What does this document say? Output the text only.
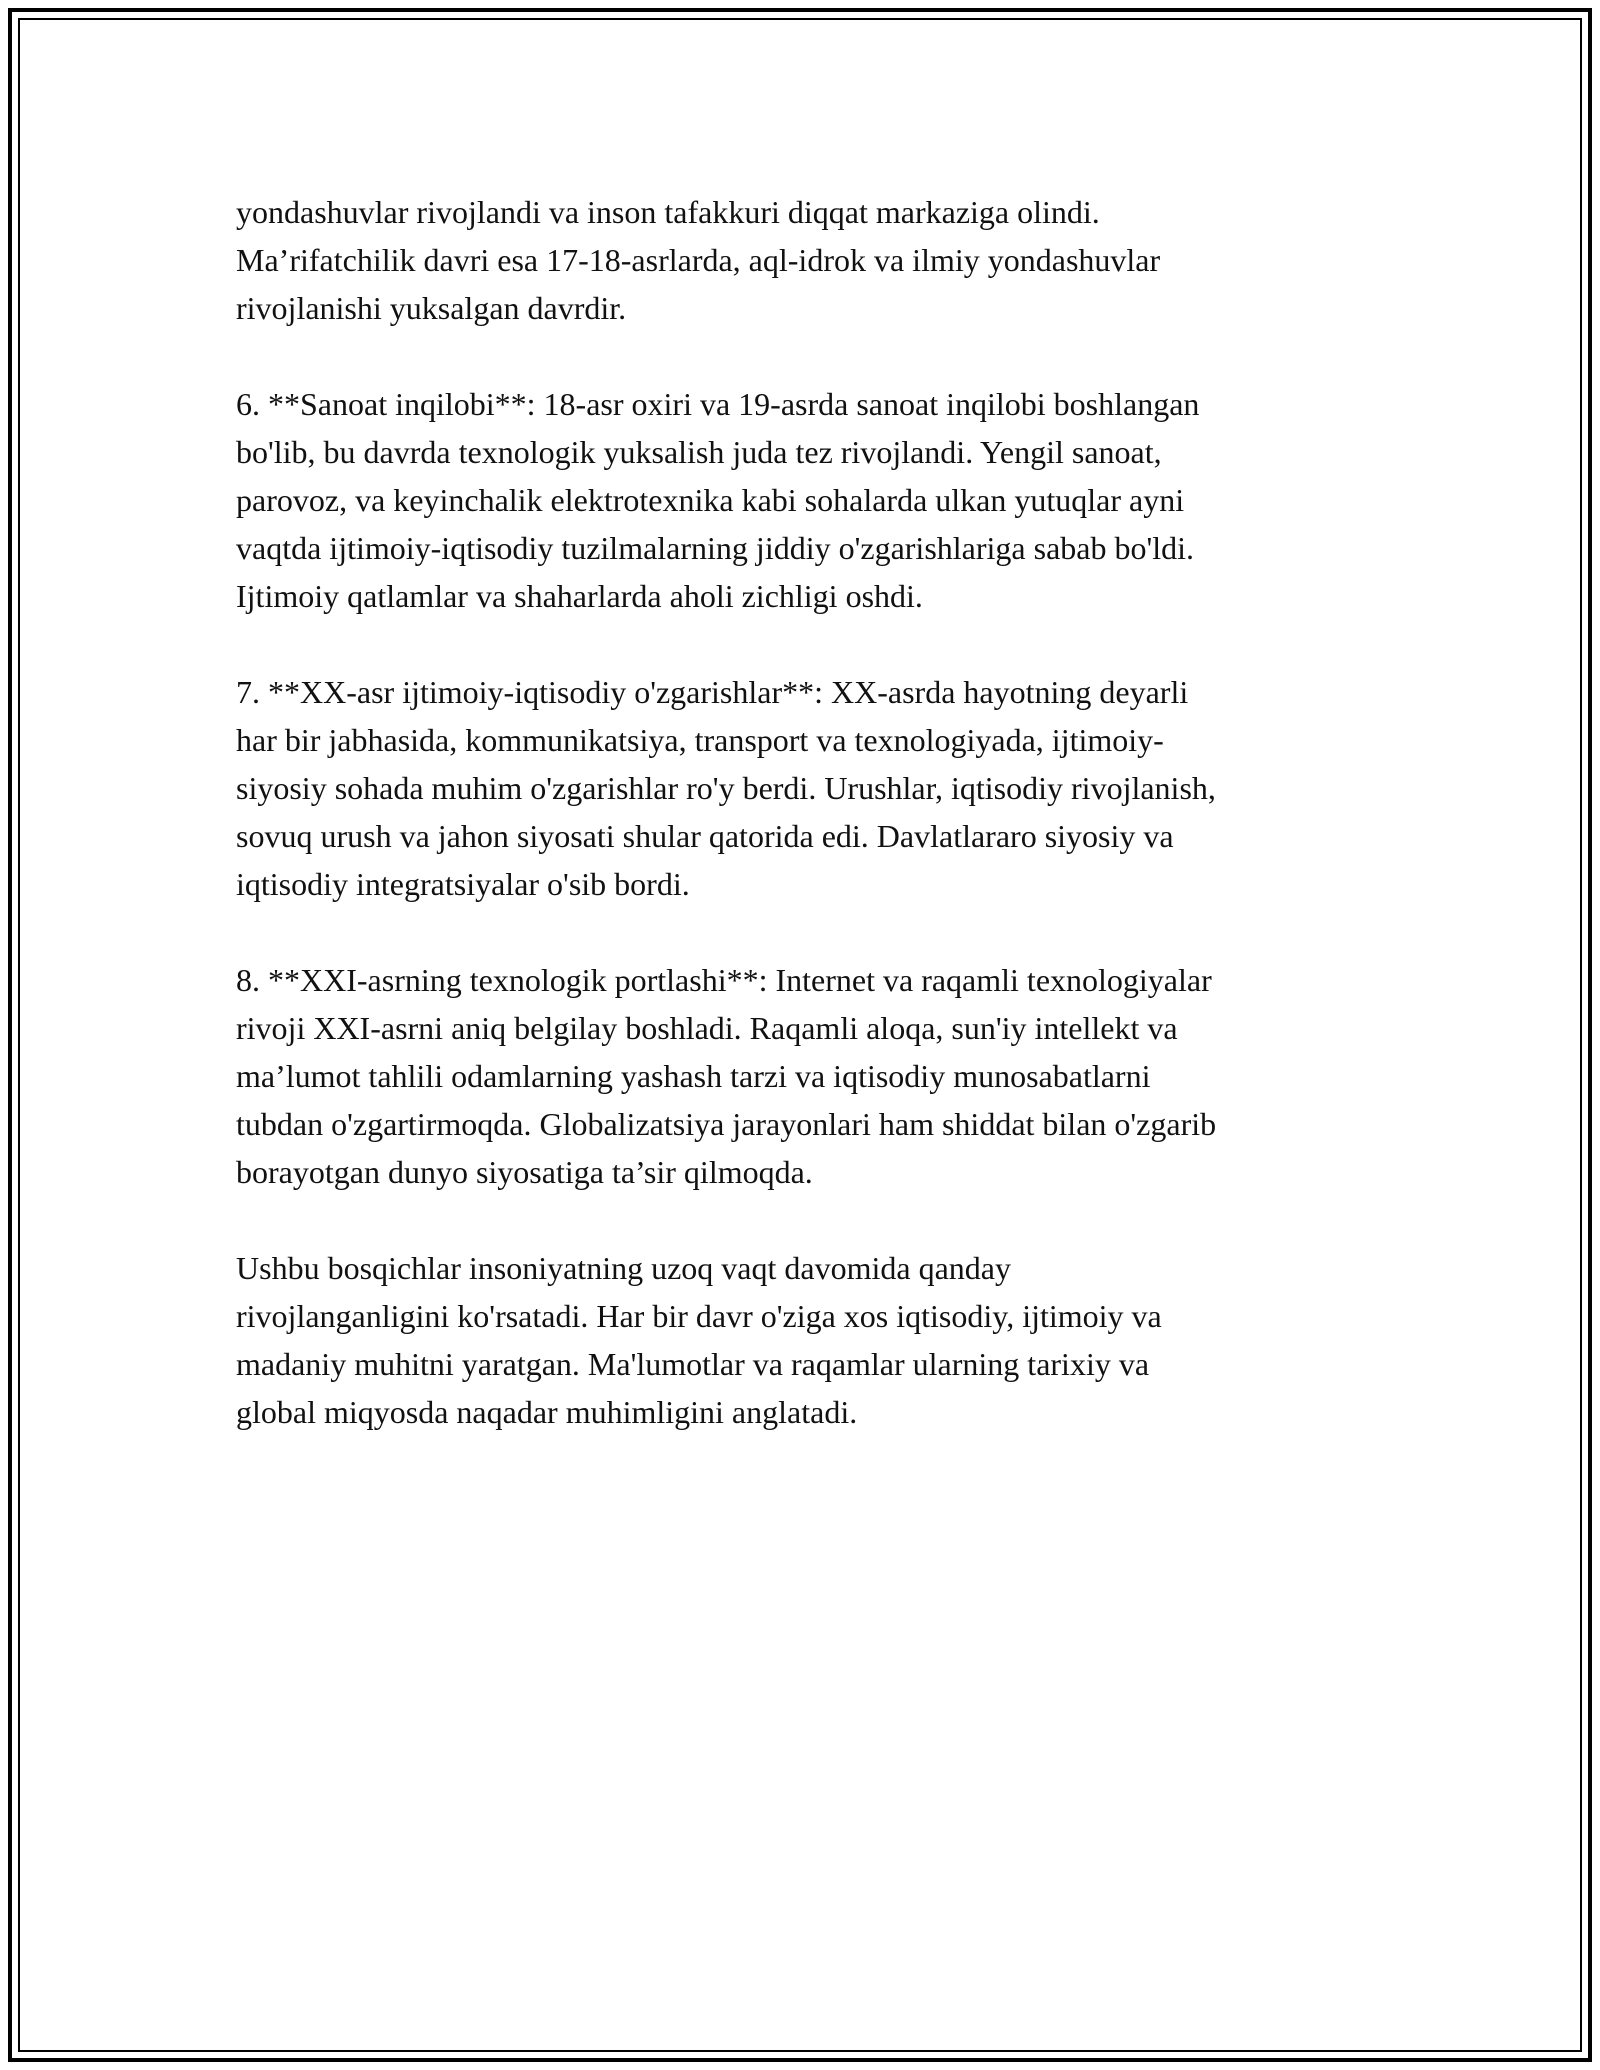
yondashuvlar rivojlandi va inson tafakkuri diqqat markaziga olindi.
Ma’rifatchilik davri esa 17-18-asrlarda, aql-idrok va ilmiy yondashuvlar
rivojlanishi yuksalgan davrdir.

6. **Sanoat inqilobi**: 18-asr oxiri va 19-asrda sanoat inqilobi boshlangan
bo'lib, bu davrda texnologik yuksalish juda tez rivojlandi. Yengil sanoat,
parovoz, va keyinchalik elektrotexnika kabi sohalarda ulkan yutuqlar ayni
vaqtda ijtimoiy-iqtisodiy tuzilmalarning jiddiy o'zgarishlariga sabab bo'ldi.
Ijtimoiy qatlamlar va shaharlarda aholi zichligi oshdi.

7. **XX-asr ijtimoiy-iqtisodiy o'zgarishlar**: XX-asrda hayotning deyarli
har bir jabhasida, kommunikatsiya, transport va texnologiyada, ijtimoiy-
siyosiy sohada muhim o'zgarishlar ro'y berdi. Urushlar, iqtisodiy rivojlanish,
sovuq urush va jahon siyosati shular qatorida edi. Davlatlararo siyosiy va
iqtisodiy integratsiyalar o'sib bordi.

8. **XXI-asrning texnologik portlashi**: Internet va raqamli texnologiyalar
rivoji XXI-asrni aniq belgilay boshladi. Raqamli aloqa, sun'iy intellekt va
ma’lumot tahlili odamlarning yashash tarzi va iqtisodiy munosabatlarni
tubdan o'zgartirmoqda. Globalizatsiya jarayonlari ham shiddat bilan o'zgarib
borayotgan dunyo siyosatiga ta’sir qilmoqda.

Ushbu bosqichlar insoniyatning uzoq vaqt davomida qanday
rivojlanganligini ko'rsatadi. Har bir davr o'ziga xos iqtisodiy, ijtimoiy va
madaniy muhitni yaratgan. Ma'lumotlar va raqamlar ularning tarixiy va
global miqyosda naqadar muhimligini anglatadi.
